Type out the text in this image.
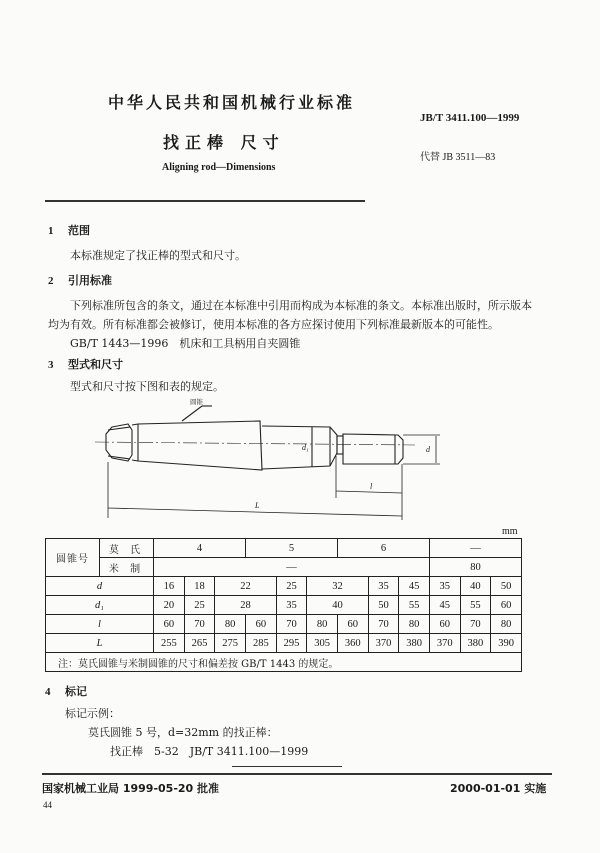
中华人民共和国机械行业标准
JB/T 3411.100—1999
找正棒 尺寸
代替 JB 3511—83
Aligning rod—Dimensions
1 范围
本标准规定了找正棒的型式和尺寸。
2 引用标准
下列标准所包含的条文，通过在本标准中引用而构成为本标准的条文。本标准出版时，所示版本
均为有效。所有标准都会被修订，使用本标准的各方应探讨使用下列标准最新版本的可能性。
GB/T 1443—1996　机床和工具柄用自夹圆锥
3 型式和尺寸
型式和尺寸按下图和表的规定。
圆锥
d₁	d
l
L
mm
圆锥号	莫 氏	4			5			6			—		
	米 制	—									80		
d		16	18	22		25	32		35	45	35	40	50
d₁		20	25	28		35	40		50	55	45	55	60
l		60	70	80	60	70	80	60	70	80	60	70	80
L		255	265	275	285	295	305	360	370	380	370	380	390
注：莫氏圆锥与米制圆锥的尺寸和偏差按 GB/T 1443 的规定。													
4 标记
标记示例：
莫氏圆锥 5 号，d=32mm 的找正棒：
找正棒　5-32　JB/T 3411.100—1999
国家机械工业局 1999-05-20 批准	2000-01-01 实施
44
